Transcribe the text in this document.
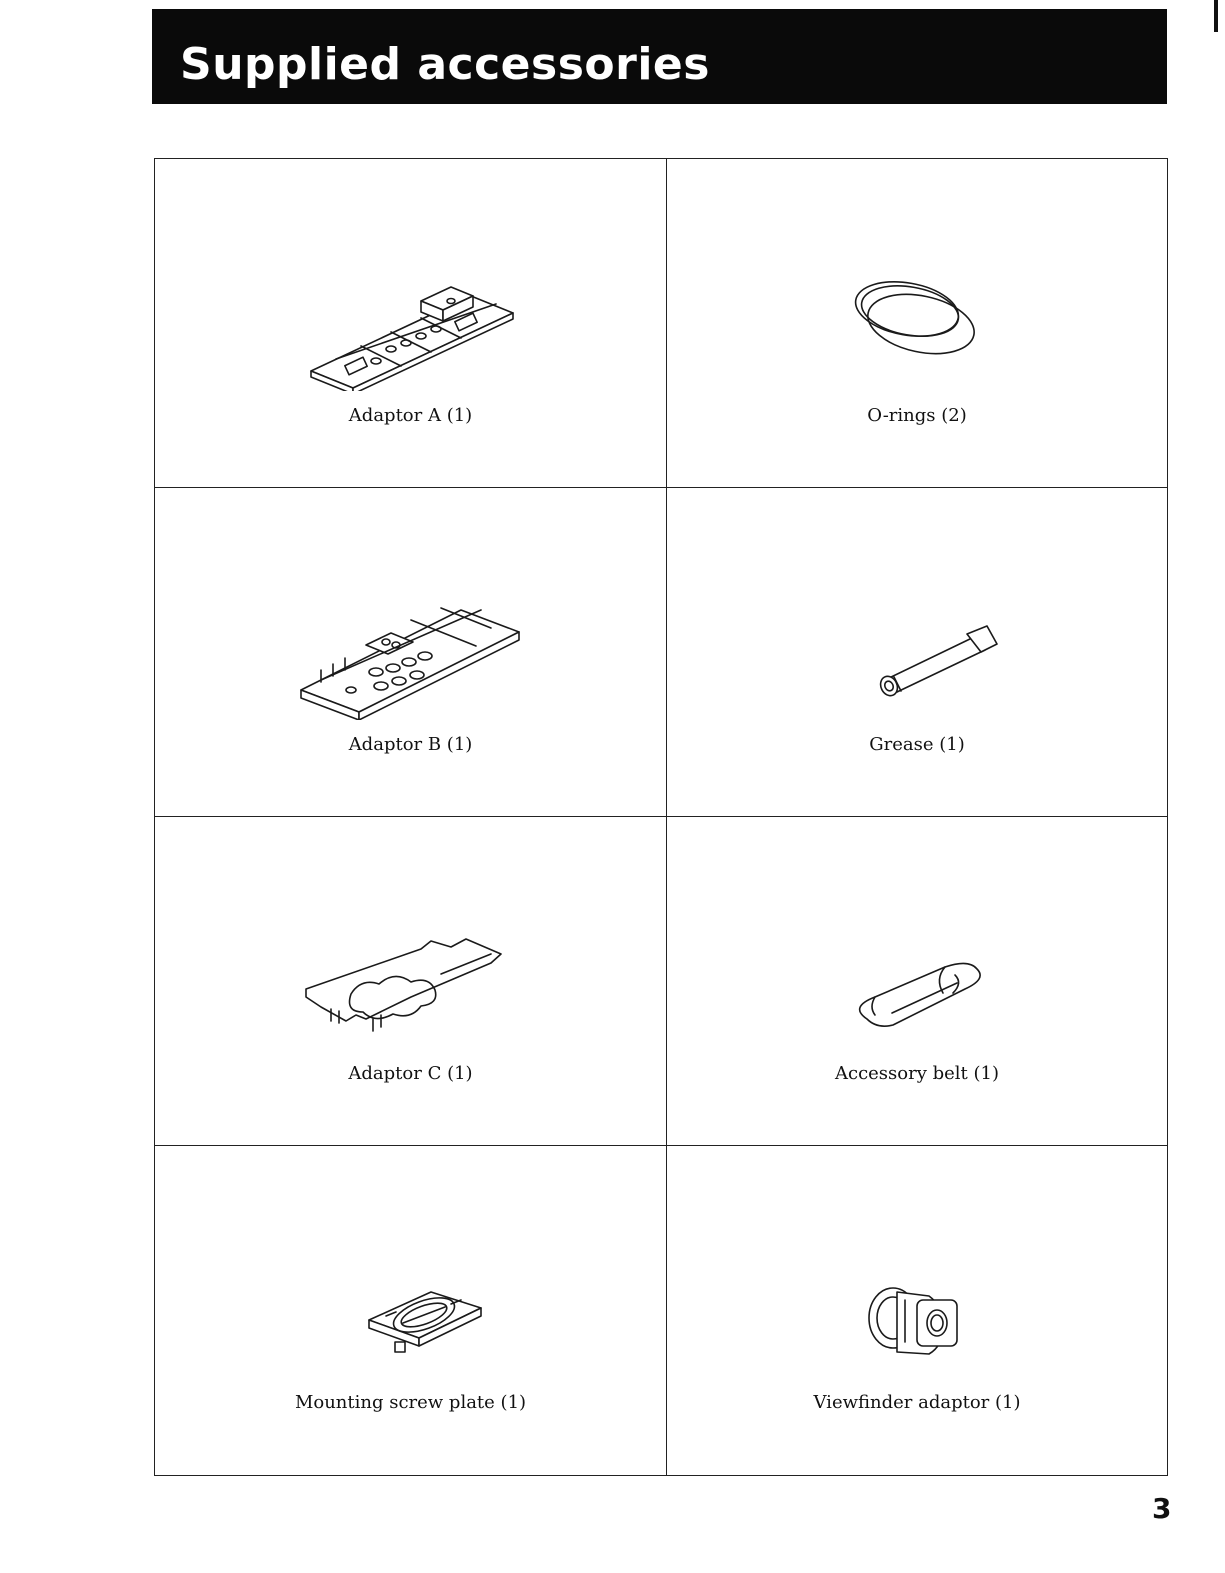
Supplied accessories
Adaptor A (1)	O-rings (2)
Adaptor B (1)	Grease (1)
Adaptor C (1)	Accessory belt (1)
Mounting screw plate (1)	Viewfinder adaptor (1)
3
